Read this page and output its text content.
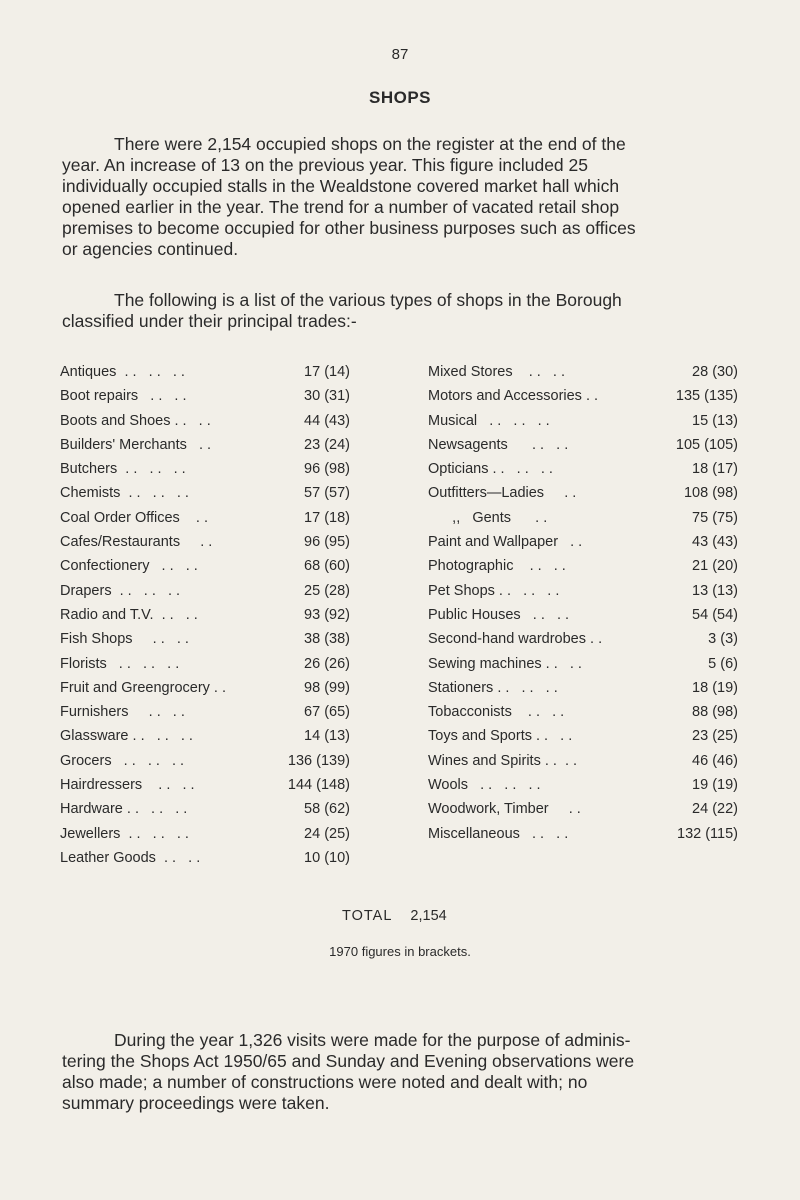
87
SHOPS
There were 2,154 occupied shops on the register at the end of the
year. An increase of 13 on the previous year. This figure included 25
individually occupied stalls in the Wealdstone covered market hall which
opened earlier in the year. The trend for a number of vacated retail shop
premises to become occupied for other business purposes such as offices
or agencies continued.
The following is a list of the various types of shops in the Borough
classified under their principal trades:-
Antiques  . .   . .   . .	17 (14)
Boot repairs   . .   . .	30 (31)
Boots and Shoes . .   . .	44 (43)
Builders' Merchants   . .	23 (24)
Butchers  . .   . .   . .	96 (98)
Chemists  . .   . .   . .	57 (57)
Coal Order Offices    . .	17 (18)
Cafes/Restaurants     . .	96 (95)
Confectionery   . .   . .	68 (60)
Drapers  . .   . .   . .	25 (28)
Radio and T.V.  . .   . .	93 (92)
Fish Shops     . .   . .	38 (38)
Florists   . .   . .   . .	26 (26)
Fruit and Greengrocery . .	98 (99)
Furnishers     . .   . .	67 (65)
Glassware . .   . .   . .	14 (13)
Grocers   . .   . .   . .	136 (139)
Hairdressers    . .   . .	144 (148)
Hardware . .   . .   . .	58 (62)
Jewellers  . .   . .   . .	24 (25)
Leather Goods  . .   . .	10 (10)
Mixed Stores    . .   . .	28 (30)
Motors and Accessories . .	135 (135)
Musical   . .   . .   . .	15 (13)
Newsagents      . .   . .	105 (105)
Opticians . .   . .   . .	18 (17)
Outfitters—Ladies     . .	108 (98)
,,   Gents      . .	75 (75)
Paint and Wallpaper   . .	43 (43)
Photographic    . .   . .	21 (20)
Pet Shops . .   . .   . .	13 (13)
Public Houses   . .   . .	54 (54)
Second-hand wardrobes . .	3 (3)
Sewing machines . .   . .	5 (6)
Stationers . .   . .   . .	18 (19)
Tobacconists    . .   . .	88 (98)
Toys and Sports . .   . .	23 (25)
Wines and Spirits . .  . .	46 (46)
Wools   . .   . .   . .	19 (19)
Woodwork, Timber     . .	24 (22)
Miscellaneous   . .   . .	132 (115)
TOTAL 2,154
1970 figures in brackets.
During the year 1,326 visits were made for the purpose of adminis-
tering the Shops Act 1950/65 and Sunday and Evening observations were
also made; a number of constructions were noted and dealt with; no
summary proceedings were taken.
